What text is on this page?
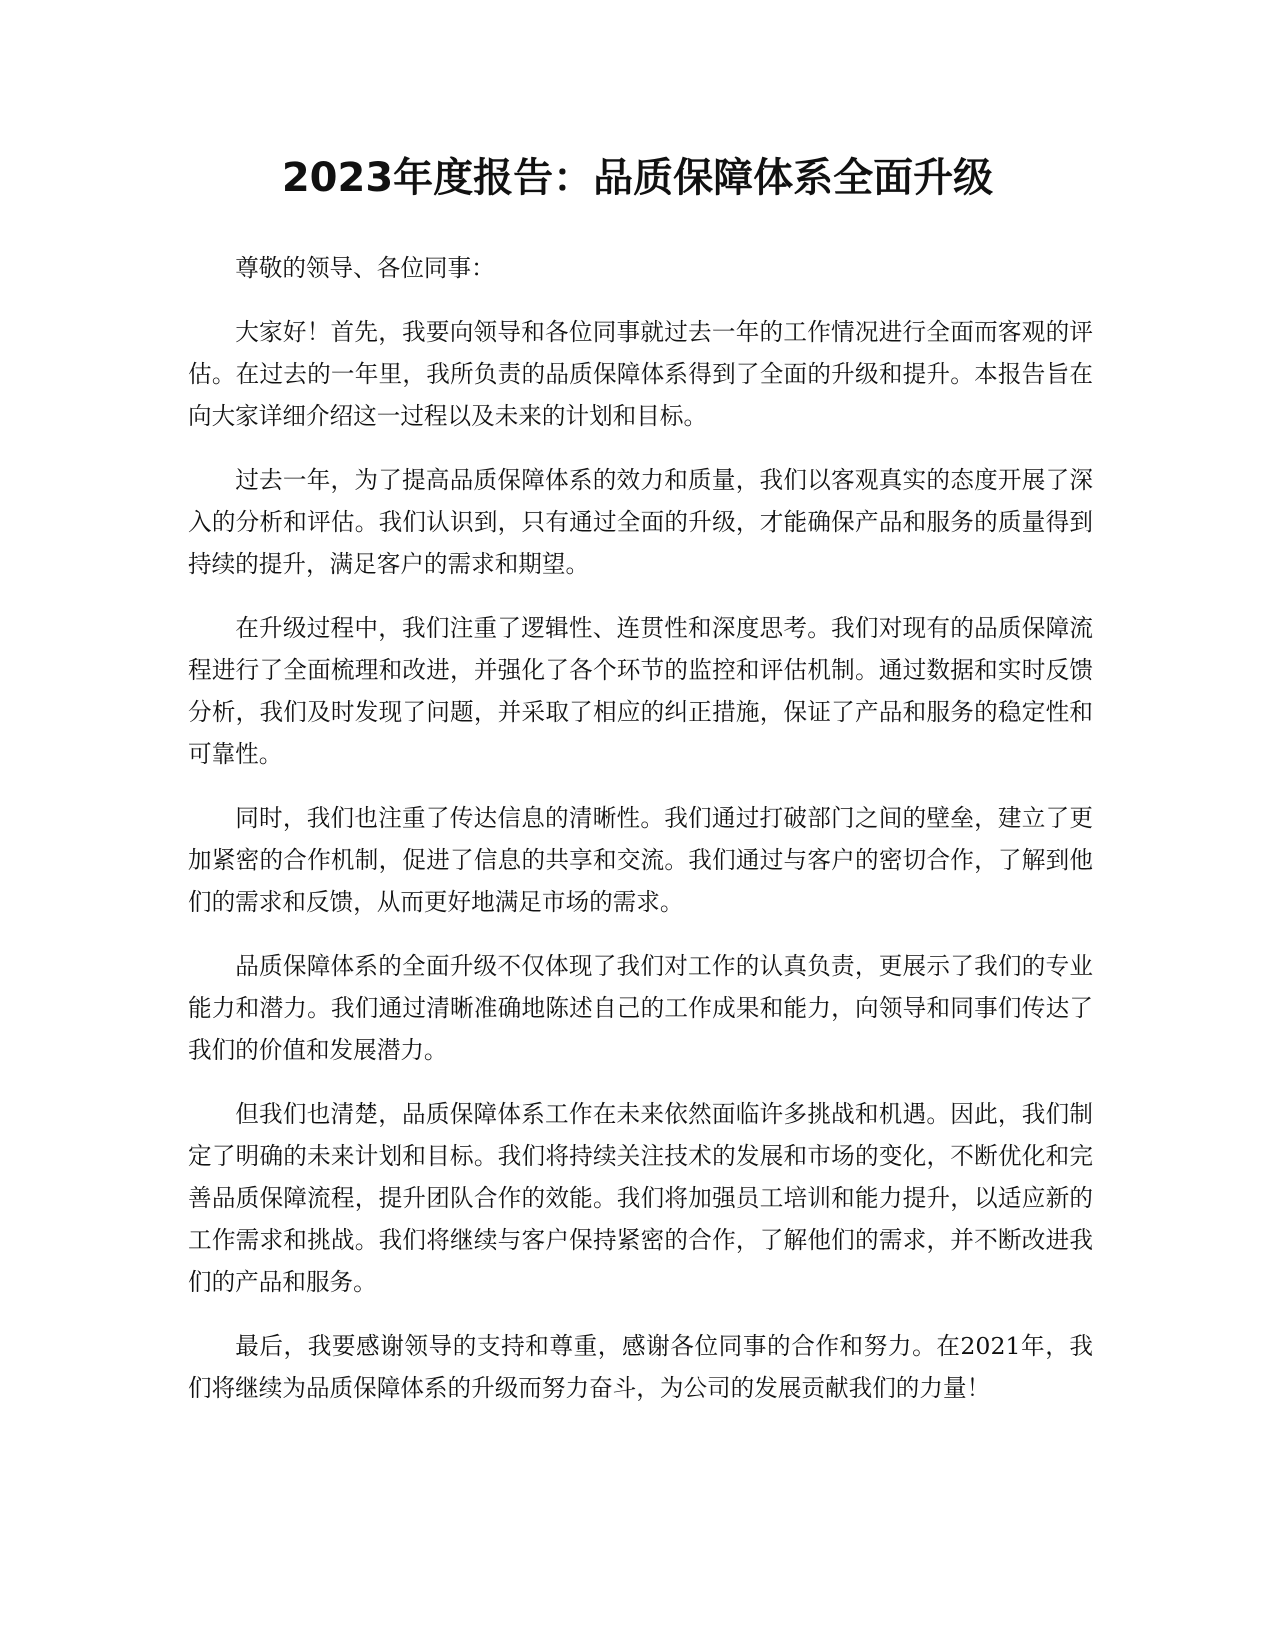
2023年度报告：品质保障体系全面升级

尊敬的领导、各位同事：

大家好！首先，我要向领导和各位同事就过去一年的工作情况进行全面而客观的评估。在过去的一年里，我所负责的品质保障体系得到了全面的升级和提升。本报告旨在向大家详细介绍这一过程以及未来的计划和目标。

过去一年，为了提高品质保障体系的效力和质量，我们以客观真实的态度开展了深入的分析和评估。我们认识到，只有通过全面的升级，才能确保产品和服务的质量得到持续的提升，满足客户的需求和期望。

在升级过程中，我们注重了逻辑性、连贯性和深度思考。我们对现有的品质保障流程进行了全面梳理和改进，并强化了各个环节的监控和评估机制。通过数据和实时反馈分析，我们及时发现了问题，并采取了相应的纠正措施，保证了产品和服务的稳定性和可靠性。

同时，我们也注重了传达信息的清晰性。我们通过打破部门之间的壁垒，建立了更加紧密的合作机制，促进了信息的共享和交流。我们通过与客户的密切合作，了解到他们的需求和反馈，从而更好地满足市场的需求。

品质保障体系的全面升级不仅体现了我们对工作的认真负责，更展示了我们的专业能力和潜力。我们通过清晰准确地陈述自己的工作成果和能力，向领导和同事们传达了我们的价值和发展潜力。

但我们也清楚，品质保障体系工作在未来依然面临许多挑战和机遇。因此，我们制定了明确的未来计划和目标。我们将持续关注技术的发展和市场的变化，不断优化和完善品质保障流程，提升团队合作的效能。我们将加强员工培训和能力提升，以适应新的工作需求和挑战。我们将继续与客户保持紧密的合作，了解他们的需求，并不断改进我们的产品和服务。

最后，我要感谢领导的支持和尊重，感谢各位同事的合作和努力。在2021年，我们将继续为品质保障体系的升级而努力奋斗，为公司的发展贡献我们的力量！
